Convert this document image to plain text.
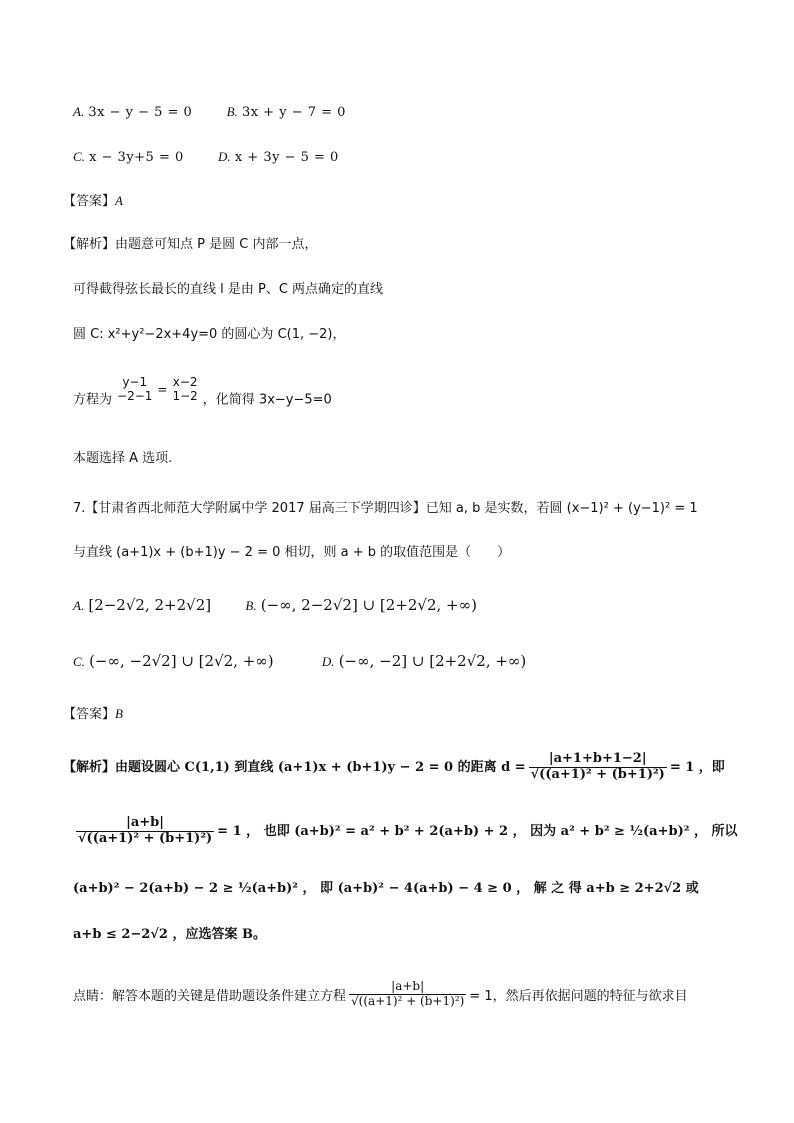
A. 3x − y − 5 = 0	B. 3x + y − 7 = 0
C. x − 3y+5 = 0	D. x + 3y − 5 = 0
【答案】A
【解析】由题意可知点 P 是圆 C 内部一点，
可得截得弦长最长的直线 l 是由 P、C 两点确定的直线
圆 C: x²+y²−2x+4y=0 的圆心为 C(1, −2)，
方程为
y−1
−2−1 =
x−2
1−2 ，化简得 3x−y−5=0
本题选择 A 选项.
7.【甘肃省西北师范大学附属中学 2017 届高三下学期四诊】已知 a, b 是实数，若圆 (x−1)² + (y−1)² = 1
与直线 (a+1)x + (b+1)y − 2 = 0 相切，则 a + b 的取值范围是（　　）
A. [2−2√2, 2+2√2]	B. (−∞, 2−2√2] ∪ [2+2√2, +∞)
C. (−∞, −2√2] ∪ [2√2, +∞)	D. (−∞, −2] ∪ [2+2√2, +∞)
【答案】B
【解析】由题设圆心 C(1,1) 到直线 (a+1)x + (b+1)y − 2 = 0 的距离 $d = \frac{|a+1+b+1-2|}{\text{√((a+1)² + (b+1)²)}} = 1$ ，即
$\frac{|a+b|}{\text{√((a+1)² + (b+1)²)}} = 1$ ， 也即 (a+b)² = a² + b² + 2(a+b) + 2 ， 因为 a² + b² ≥ ½(a+b)² ， 所以
(a+b)² − 2(a+b) − 2 ≥ ½(a+b)² ， 即 (a+b)² − 4(a+b) − 4 ≥ 0 ， 解 之 得 a+b ≥ 2+2√2 或
a+b ≤ 2−2√2 ，应选答案 B。
点睛：解答本题的关键是借助题设条件建立方程 $\frac{|a+b|}{\text{√((a+1)² + (b+1)²)}} = 1$，然后再依据问题的特征与欲求目
